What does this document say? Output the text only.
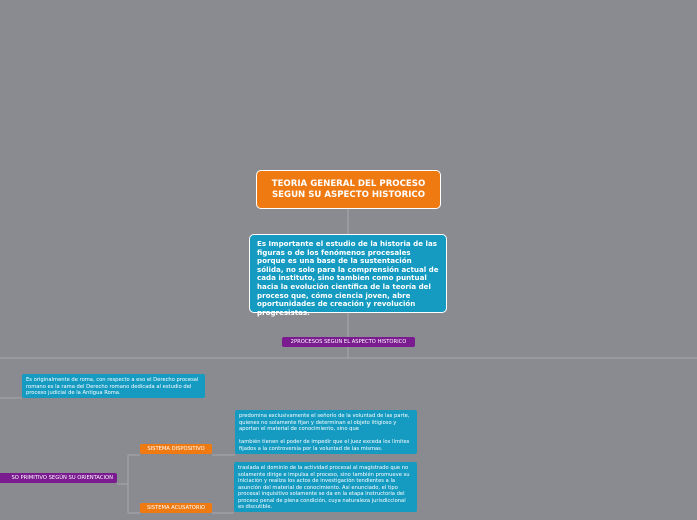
TEORIA GENERAL DEL PROCESO SEGUN SU ASPECTO HISTORICO
Es Importante el estudio de la historia de las figuras o de los fenómenos procesales porque es una base de la sustentación sólida, no solo para la comprensión actual de cada instituto, sino tambien como puntual hacia la evolución científica de la teoría del proceso que, cómo ciencia joven, abre oportunidades de creación y revolución progresistas.
2PROCESOS SEGUN EL ASPECTO HISTORICO
Es originalmente de roma, con respecto a eso el Derecho procesal romano es la rama del Derecho romano dedicada al estudio del proceso judicial de la Antigua Roma.
SO PRIMITIVO SEGÚN SU ORIENTACION
SISTEMA DISPOSITIVO
predomina exclusivamente el señorío de la voluntad de las parte, quienes no solamente fijan y determinan el objeto litigioso y aportan el material de conocimiento, sino que
también tienen el poder de impedir que el juez exceda los límites fijados a la controversia por la voluntad de las mismas.
SISTEMA ACUSATORIO
traslada el dominio de la actividad procesal al magistrado que no solamente dirige e impulsa el proceso, sino también promueve su iniciación y realiza los actos de investigación tendientes a la asunción del material de conocimiento. Así enunciado, el tipo procesal inquisitivo solamente se da en la etapa instructoria del proceso penal de plena condición, cuya naturaleza jurisdiccional es discutible.
